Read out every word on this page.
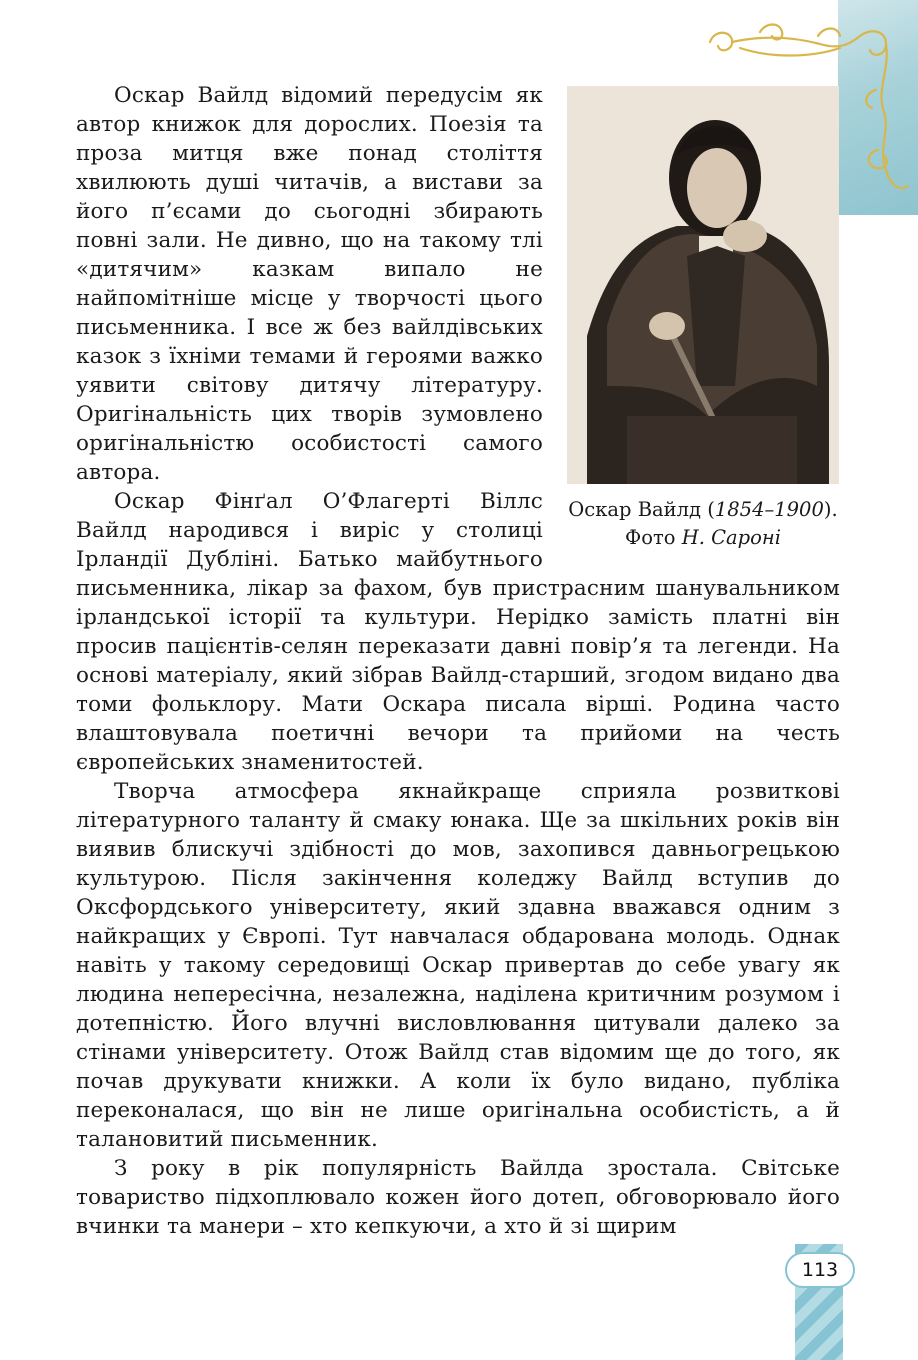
Оскар Вайлд (1854–1900). Фото Н. Сароні

Оскар Вайлд відомий передусім як автор книжок для дорослих. Поезія та проза митця вже понад століття хвилюють душі читачів, а вистави за його п’єсами до сьогодні збирають повні зали. Не дивно, що на такому тлі «дитячим» казкам випало не найпомітніше місце у творчості цього письменника. І все ж без вайлдівських казок з їхніми темами й героями важко уявити світову дитячу літературу. Оригінальність цих творів зумовлено оригінальністю особистості самого автора.

Оскар Фінґал О’Флагерті Віллс Вайлд народився і виріс у столиці Ірландії Дубліні. Батько майбутнього письменника, лікар за фахом, був пристрасним шанувальником ірландської історії та культури. Нерідко замість платні він просив пацієнтів-селян переказати давні повір’я та легенди. На основі матеріалу, який зібрав Вайлд-старший, згодом видано два томи фольклору. Мати Оскара писала вірші. Родина часто влаштовувала поетичні вечори та прийоми на честь європейських знаменитостей.

Творча атмосфера якнайкраще сприяла розвиткові літературного таланту й смаку юнака. Ще за шкільних років він виявив блискучі здібності до мов, захопився давньогрецькою культурою. Після закінчення коледжу Вайлд вступив до Оксфордського університету, який здавна вважався одним з найкращих у Європі. Тут навчалася обдарована молодь. Однак навіть у такому середовищі Оскар привертав до себе увагу як людина непересічна, незалежна, наділена критичним розумом і дотепністю. Його влучні висловлювання цитували далеко за стінами університету. Отож Вайлд став відомим ще до того, як почав друкувати книжки. А коли їх було видано, публіка переконалася, що він не лише оригінальна особистість, а й талановитий письменник.

З року в рік популярність Вайлда зростала. Світське товариство підхоплювало кожен його дотеп, обговорювало його вчинки та манери – хто кепкуючи, а хто й зі щирим

113
